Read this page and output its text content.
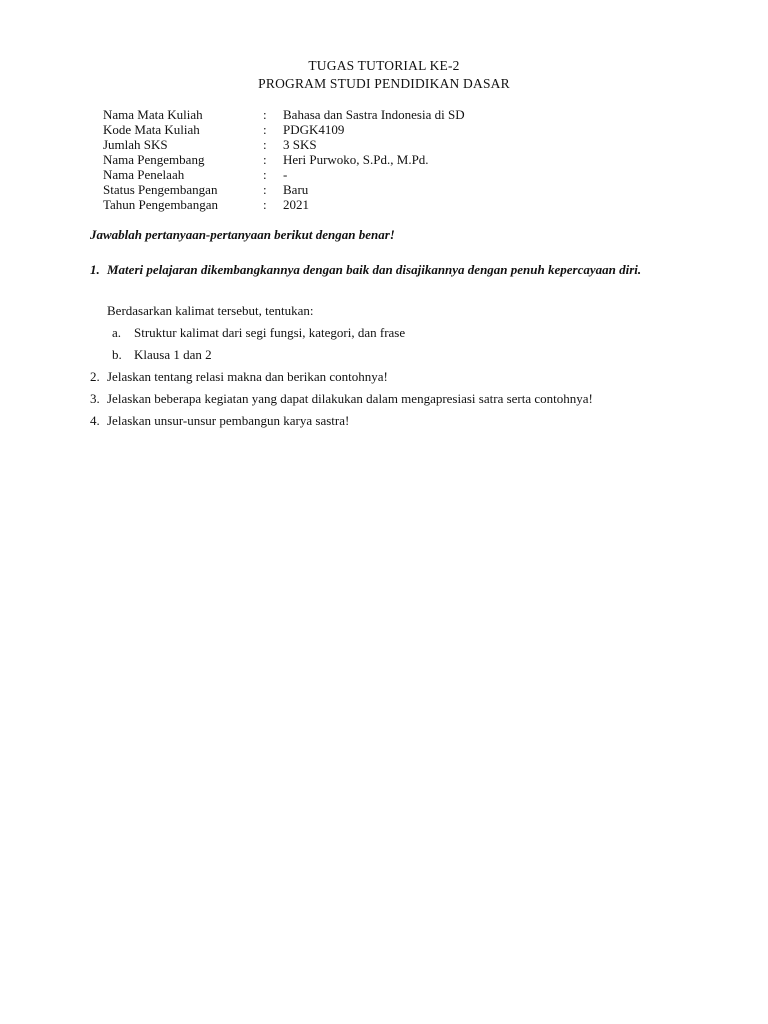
TUGAS TUTORIAL KE-2
PROGRAM STUDI PENDIDIKAN DASAR
Nama Mata Kuliah	: Bahasa dan Sastra Indonesia di SD
Kode Mata Kuliah	: PDGK4109
Jumlah SKS	: 3 SKS
Nama Pengembang	: Heri Purwoko, S.Pd., M.Pd.
Nama Penelaah	: -
Status Pengembangan	: Baru
Tahun Pengembangan	: 2021
Jawablah pertanyaan-pertanyaan berikut dengan benar!
1. Materi pelajaran dikembangkannya dengan baik dan disajikannya dengan penuh kepercayaan diri.
Berdasarkan kalimat tersebut, tentukan:
a. Struktur kalimat dari segi fungsi, kategori, dan frase
b. Klausa 1 dan 2
2. Jelaskan tentang relasi makna dan berikan contohnya!
3. Jelaskan beberapa kegiatan yang dapat dilakukan dalam mengapresiasi satra serta contohnya!
4. Jelaskan unsur-unsur pembangun karya sastra!
